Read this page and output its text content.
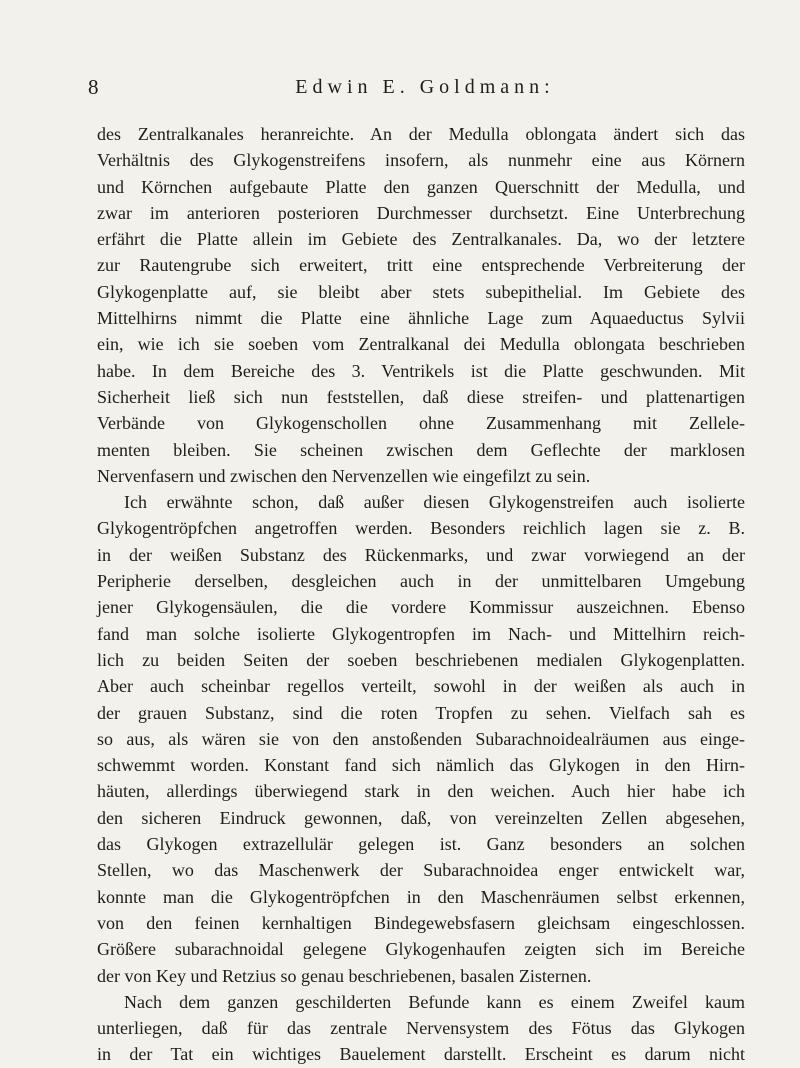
8	Edwin E. Goldmann:
des Zentralkanales heranreichte. An der Medulla oblongata ändert sich das
Verhältnis des Glykogenstreifens insofern, als nunmehr eine aus Körnern
und Körnchen aufgebaute Platte den ganzen Querschnitt der Medulla, und
zwar im anterioren posterioren Durchmesser durchsetzt. Eine Unterbrechung
erfährt die Platte allein im Gebiete des Zentralkanales. Da, wo der letztere
zur Rautengrube sich erweitert, tritt eine entsprechende Verbreiterung der
Glykogenplatte auf, sie bleibt aber stets subepithelial. Im Gebiete des
Mittelhirns nimmt die Platte eine ähnliche Lage zum Aquaeductus Sylvii
ein, wie ich sie soeben vom Zentralkanal dei Medulla oblongata beschrieben
habe. In dem Bereiche des 3. Ventrikels ist die Platte geschwunden. Mit
Sicherheit ließ sich nun feststellen, daß diese streifen- und plattenartigen
Verbände von Glykogenschollen ohne Zusammenhang mit Zellele-
menten bleiben. Sie scheinen zwischen dem Geflechte der marklosen
Nervenfasern und zwischen den Nervenzellen wie eingefilzt zu sein.
Ich erwähnte schon, daß außer diesen Glykogenstreifen auch isolierte
Glykogentröpfchen angetroffen werden. Besonders reichlich lagen sie z. B.
in der weißen Substanz des Rückenmarks, und zwar vorwiegend an der
Peripherie derselben, desgleichen auch in der unmittelbaren Umgebung
jener Glykogensäulen, die die vordere Kommissur auszeichnen. Ebenso
fand man solche isolierte Glykogentropfen im Nach- und Mittelhirn reich-
lich zu beiden Seiten der soeben beschriebenen medialen Glykogenplatten.
Aber auch scheinbar regellos verteilt, sowohl in der weißen als auch in
der grauen Substanz, sind die roten Tropfen zu sehen. Vielfach sah es
so aus, als wären sie von den anstoßenden Subarachnoidealräumen aus einge-
schwemmt worden. Konstant fand sich nämlich das Glykogen in den Hirn-
häuten, allerdings überwiegend stark in den weichen. Auch hier habe ich
den sicheren Eindruck gewonnen, daß, von vereinzelten Zellen abgesehen,
das Glykogen extrazellulär gelegen ist. Ganz besonders an solchen
Stellen, wo das Maschenwerk der Subarachnoidea enger entwickelt war,
konnte man die Glykogentröpfchen in den Maschenräumen selbst erkennen,
von den feinen kernhaltigen Bindegewebsfasern gleichsam eingeschlossen.
Größere subarachnoidal gelegene Glykogenhaufen zeigten sich im Bereiche
der von Key und Retzius so genau beschriebenen, basalen Zisternen.
Nach dem ganzen geschilderten Befunde kann es einem Zweifel kaum
unterliegen, daß für das zentrale Nervensystem des Fötus das Glykogen
in der Tat ein wichtiges Bauelement darstellt. Erscheint es darum nicht
